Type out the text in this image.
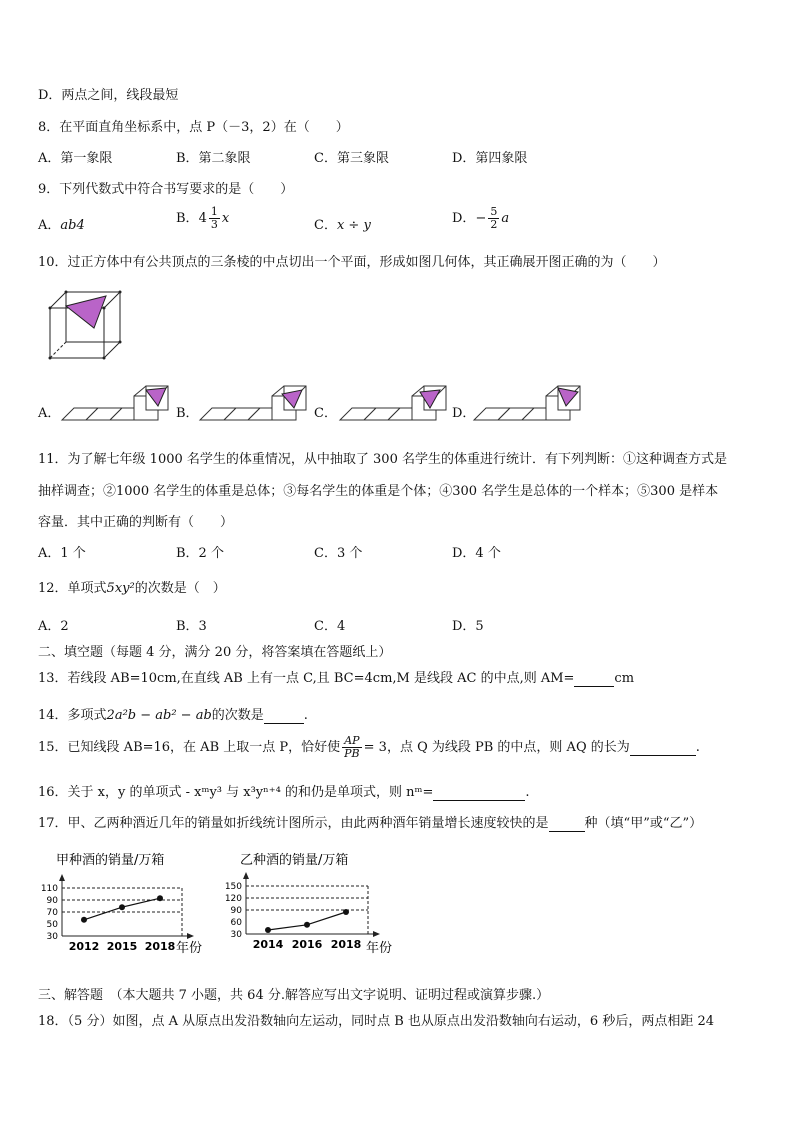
D．两点之间，线段最短
8．在平面直角坐标系中，点 P（－3，2）在（　　）
A．第一象限	B．第二象限	C．第三象限	D．第四象限
9．下列代数式中符合书写要求的是（　　）
A．ab4	B．$4 \frac{1}{3}$ x	C．x ÷ y	D．− $\frac{5}{2}$ a
10．过正方体中有公共顶点的三条棱的中点切出一个平面，形成如图几何体，其正确展开图正确的为（　　）
A．	B．	C．	D．
11．为了解七年级 1000 名学生的体重情况，从中抽取了 300 名学生的体重进行统计．有下列判断：①这种调查方式是
抽样调查；②1000 名学生的体重是总体；③每名学生的体重是个体；④300 名学生是总体的一个样本；⑤300 是样本
容量．其中正确的判断有（　　）
A．1 个	B．2 个	C．3 个	D．4 个
12．单项式5xy²的次数是（　）
A．2	B．3	C．4	D．5
二、填空题（每题 4 分，满分 20 分，将答案填在答题纸上）
13．若线段 AB=10cm,在直线 AB 上有一点 C,且 BC=4cm,M 是线段 AC 的中点,则 AM=	cm
14．多项式2a²b − ab² − ab的次数是	.
15．已知线段 AB=16，在 AB 上取一点 P，恰好使 $\frac{AP}{PB} = 3$，点 Q 为线段 PB 的中点，则 AQ 的长为	.
16．关于 x，y 的单项式 - xᵐy³ 与 x³yⁿ⁺⁴ 的和仍是单项式，则 nᵐ=	.
17．甲、乙两种酒近几年的销量如折线统计图所示，由此两种酒年销量增长速度较快的是	种（填“甲”或“乙”）
甲种酒的销量/万箱
30
50
70
90
110
2012 2015 2018 年份
乙种酒的销量/万箱
30
60
90
120
150
2014 2016 2018 年份
三、解答题　（本大题共 7 小题，共 64 分.解答应写出文字说明、证明过程或演算步骤.）
18．（5 分）如图，点 A 从原点出发沿数轴向左运动，同时点 B 也从原点出发沿数轴向右运动，6 秒后，两点相距 24
